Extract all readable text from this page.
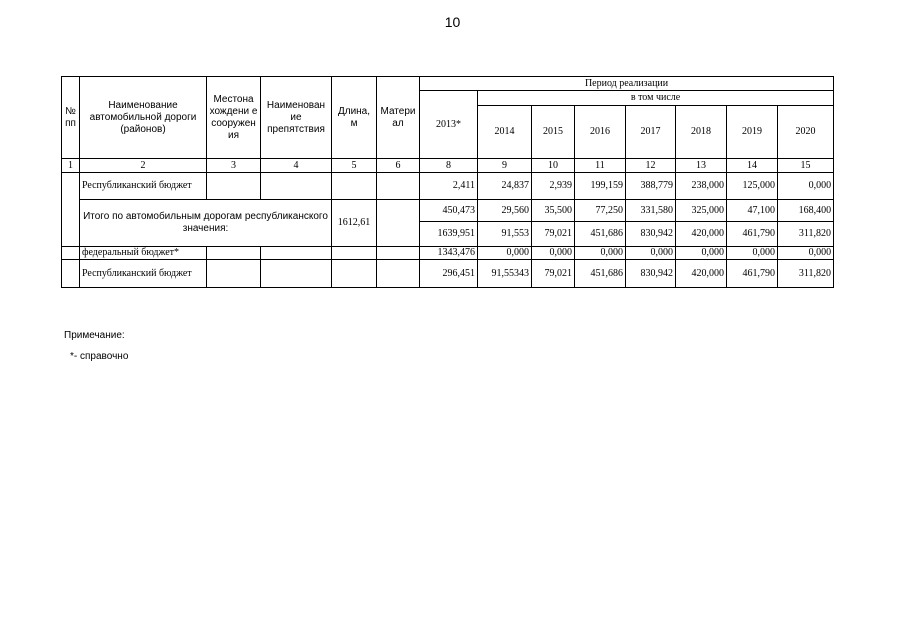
10
№ пп	Наименование автомобильной дороги (районов)	Местона хождени е сооружен ия	Наименован ие препятствия	Длина, м	Матери ал	Период реализации							
						2013*	в том числе						
							2014	2015	2016	2017	2018	2019	2020
1	2	3	4	5	6	8	9	10	11	12	13	14	15
	Республиканский бюджет					2,411	24,837	2,939	199,159	388,779	238,000	125,000	0,000
	Итого по автомобильным дорогам республиканского значения:			1612,61		450,473	29,560	35,500	77,250	331,580	325,000	47,100	168,400
						1639,951	91,553	79,021	451,686	830,942	420,000	461,790	311,820
	федеральный бюджет*					1343,476	0,000	0,000	0,000	0,000	0,000	0,000	0,000
	Республиканский бюджет					296,451	91,55343	79,021	451,686	830,942	420,000	461,790	311,820
Примечание:
*- справочно
